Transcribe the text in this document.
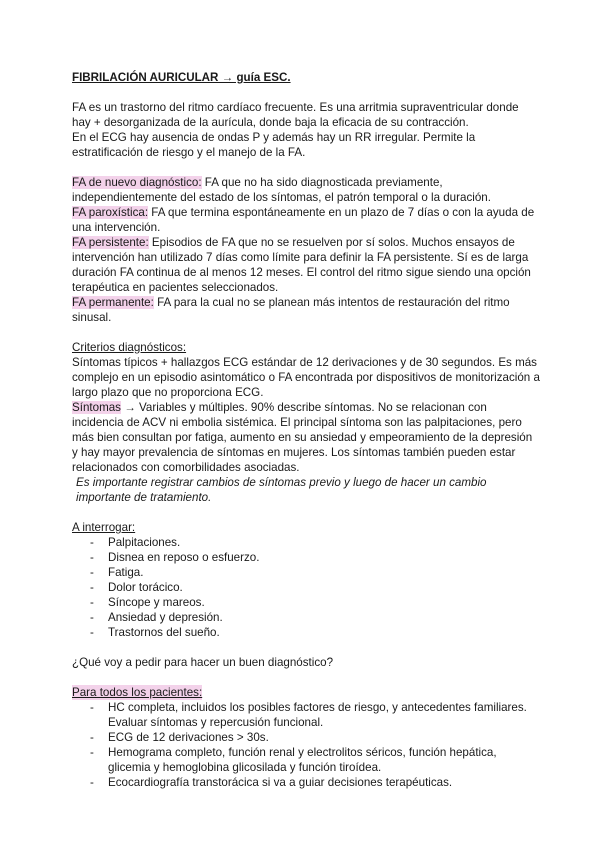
FIBRILACIÓN AURICULAR → guía ESC.

FA es un trastorno del ritmo cardíaco frecuente. Es una arritmia supraventricular donde hay + desorganizada de la aurícula, donde baja la eficacia de su contracción.

En el ECG hay ausencia de ondas P y además hay un RR irregular. Permite la estratificación de riesgo y el manejo de la FA.

FA de nuevo diagnóstico: FA que no ha sido diagnosticada previamente, independientemente del estado de los síntomas, el patrón temporal o la duración.

FA paroxística: FA que termina espontáneamente en un plazo de 7 días o con la ayuda de una intervención.

FA persistente: Episodios de FA que no se resuelven por sí solos. Muchos ensayos de intervención han utilizado 7 días como límite para definir la FA persistente. Sí es de larga duración FA continua de al menos 12 meses. El control del ritmo sigue siendo una opción terapéutica en pacientes seleccionados.

FA permanente: FA para la cual no se planean más intentos de restauración del ritmo sinusal.

Criterios diagnósticos:

Síntomas típicos + hallazgos ECG estándar de 12 derivaciones y de 30 segundos. Es más complejo en un episodio asintomático o FA encontrada por dispositivos de monitorización a largo plazo que no proporciona ECG.

Síntomas → Variables y múltiples. 90% describe síntomas. No se relacionan con incidencia de ACV ni embolia sistémica. El principal síntoma son las palpitaciones, pero más bien consultan por fatiga, aumento en su ansiedad y empeoramiento de la depresión y hay mayor prevalencia de síntomas en mujeres. Los síntomas también pueden estar relacionados con comorbilidades asociadas.

Es importante registrar cambios de síntomas previo y luego de hacer un cambio importante de tratamiento.

A interrogar:

- Palpitaciones.
- Disnea en reposo o esfuerzo.
- Fatiga.
- Dolor torácico.
- Síncope y mareos.
- Ansiedad y depresión.
- Trastornos del sueño.

¿Qué voy a pedir para hacer un buen diagnóstico?

Para todos los pacientes:

- HC completa, incluidos los posibles factores de riesgo, y antecedentes familiares. Evaluar síntomas y repercusión funcional.
- ECG de 12 derivaciones > 30s.
- Hemograma completo, función renal y electrolitos séricos, función hepática, glicemia y hemoglobina glicosilada y función tiroídea.
- Ecocardiografía transtorácica si va a guiar decisiones terapéuticas.
